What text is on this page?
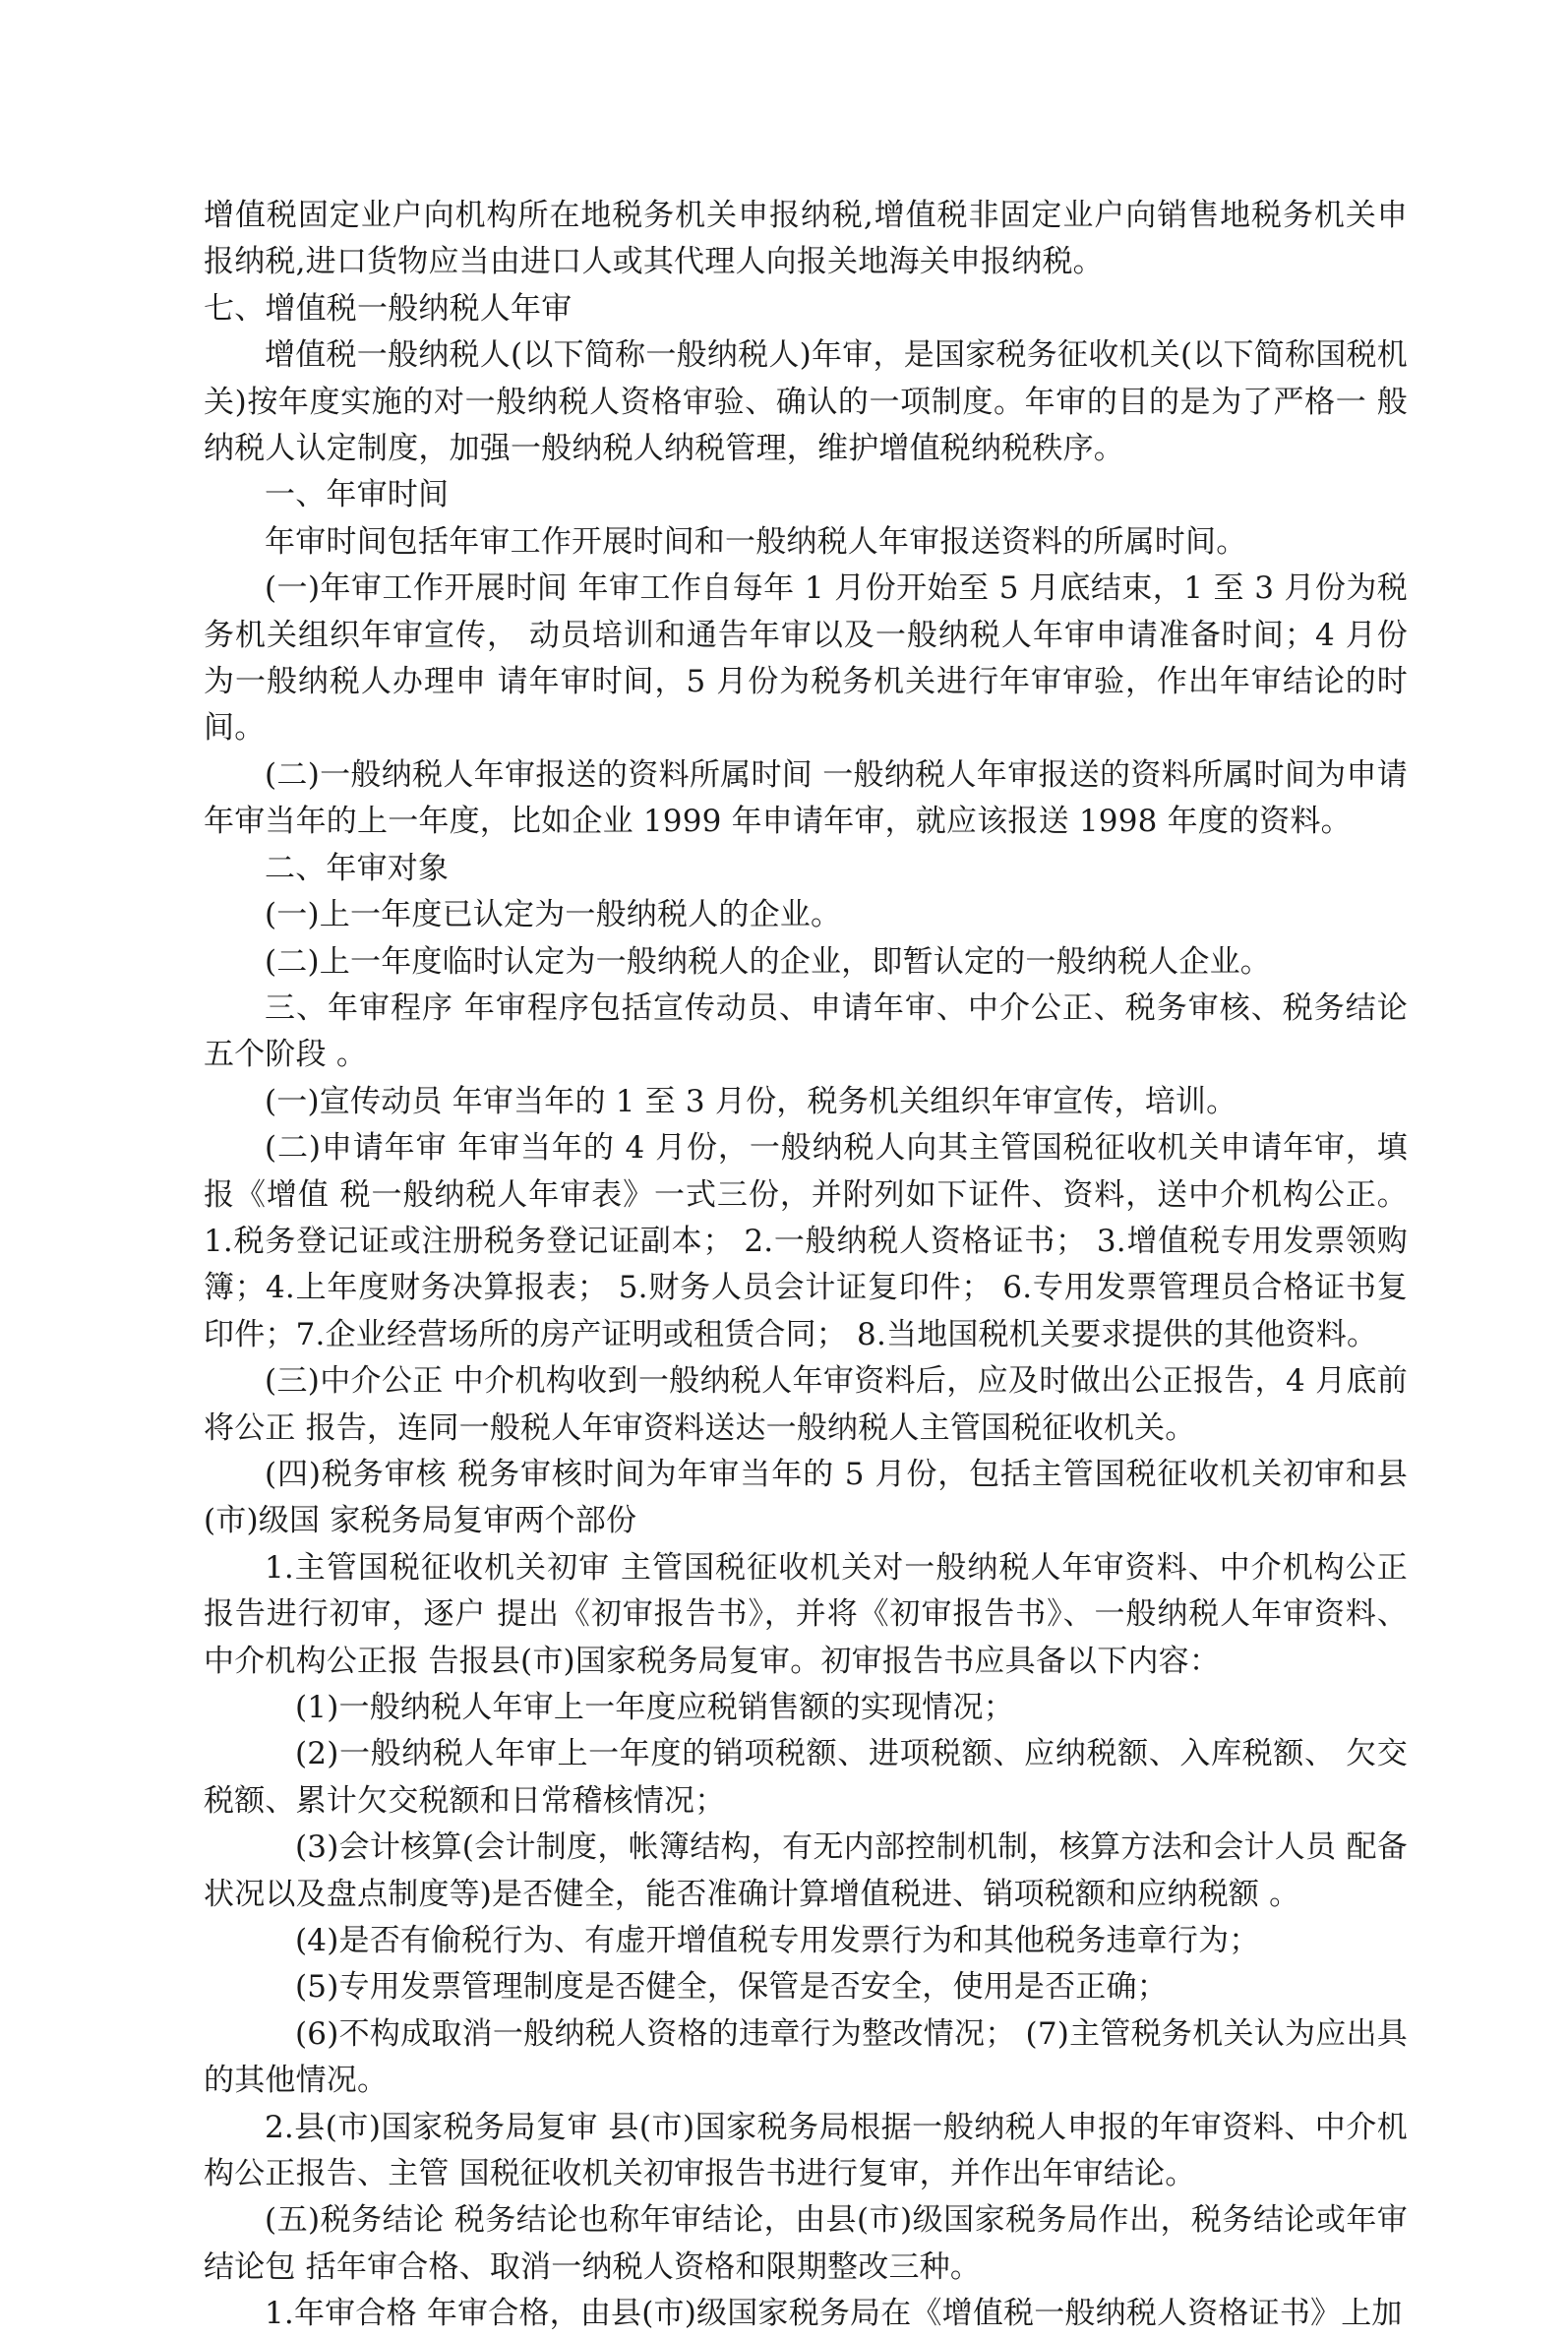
增值税固定业户向机构所在地税务机关申报纳税,增值税非固定业户向销售地税务机关申报纳税,进口货物应当由进口人或其代理人向报关地海关申报纳税。

七、增值税一般纳税人年审

增值税一般纳税人(以下简称一般纳税人)年审，是国家税务征收机关(以下简称国税机关)按年度实施的对一般纳税人资格审验、确认的一项制度。年审的目的是为了严格一 般纳税人认定制度，加强一般纳税人纳税管理，维护增值税纳税秩序。

一、年审时间

年审时间包括年审工作开展时间和一般纳税人年审报送资料的所属时间。

(一)年审工作开展时间 年审工作自每年 1 月份开始至 5 月底结束，1 至 3 月份为税务机关组织年审宣传， 动员培训和通告年审以及一般纳税人年审申请准备时间；4 月份为一般纳税人办理申 请年审时间，5 月份为税务机关进行年审审验，作出年审结论的时间。

(二)一般纳税人年审报送的资料所属时间 一般纳税人年审报送的资料所属时间为申请年审当年的上一年度，比如企业 1999 年申请年审，就应该报送 1998 年度的资料。

二、年审对象

(一)上一年度已认定为一般纳税人的企业。

(二)上一年度临时认定为一般纳税人的企业，即暂认定的一般纳税人企业。

三、年审程序 年审程序包括宣传动员、申请年审、中介公正、税务审核、税务结论五个阶段 。

(一)宣传动员 年审当年的 1 至 3 月份，税务机关组织年审宣传，培训。

(二)申请年审 年审当年的 4 月份，一般纳税人向其主管国税征收机关申请年审，填报《增值 税一般纳税人年审表》一式三份，并附列如下证件、资料，送中介机构公正。 1.税务登记证或注册税务登记证副本； 2.一般纳税人资格证书； 3.增值税专用发票领购簿；4.上年度财务决算报表； 5.财务人员会计证复印件； 6.专用发票管理员合格证书复印件；7.企业经营场所的房产证明或租赁合同； 8.当地国税机关要求提供的其他资料。

(三)中介公正 中介机构收到一般纳税人年审资料后，应及时做出公正报告，4 月底前将公正 报告，连同一般税人年审资料送达一般纳税人主管国税征收机关。

(四)税务审核 税务审核时间为年审当年的 5 月份，包括主管国税征收机关初审和县(市)级国 家税务局复审两个部份

1.主管国税征收机关初审 主管国税征收机关对一般纳税人年审资料、中介机构公正报告进行初审，逐户 提出《初审报告书》，并将《初审报告书》、一般纳税人年审资料、中介机构公正报 告报县(市)国家税务局复审。初审报告书应具备以下内容：

(1)一般纳税人年审上一年度应税销售额的实现情况；

(2)一般纳税人年审上一年度的销项税额、进项税额、应纳税额、入库税额、 欠交税额、累计欠交税额和日常稽核情况；

(3)会计核算(会计制度，帐簿结构，有无内部控制机制，核算方法和会计人员 配备状况以及盘点制度等)是否健全，能否准确计算增值税进、销项税额和应纳税额 。

(4)是否有偷税行为、有虚开增值税专用发票行为和其他税务违章行为；

(5)专用发票管理制度是否健全，保管是否安全，使用是否正确；

(6)不构成取消一般纳税人资格的违章行为整改情况； (7)主管税务机关认为应出具的其他情况。

2.县(市)国家税务局复审 县(市)国家税务局根据一般纳税人申报的年审资料、中介机构公正报告、主管 国税征收机关初审报告书进行复审，并作出年审结论。

(五)税务结论 税务结论也称年审结论，由县(市)级国家税务局作出，税务结论或年审结论包 括年审合格、取消一纳税人资格和限期整改三种。

1.年审合格 年审合格，由县(市)级国家税务局在《增值税一般纳税人资格证书》上加
